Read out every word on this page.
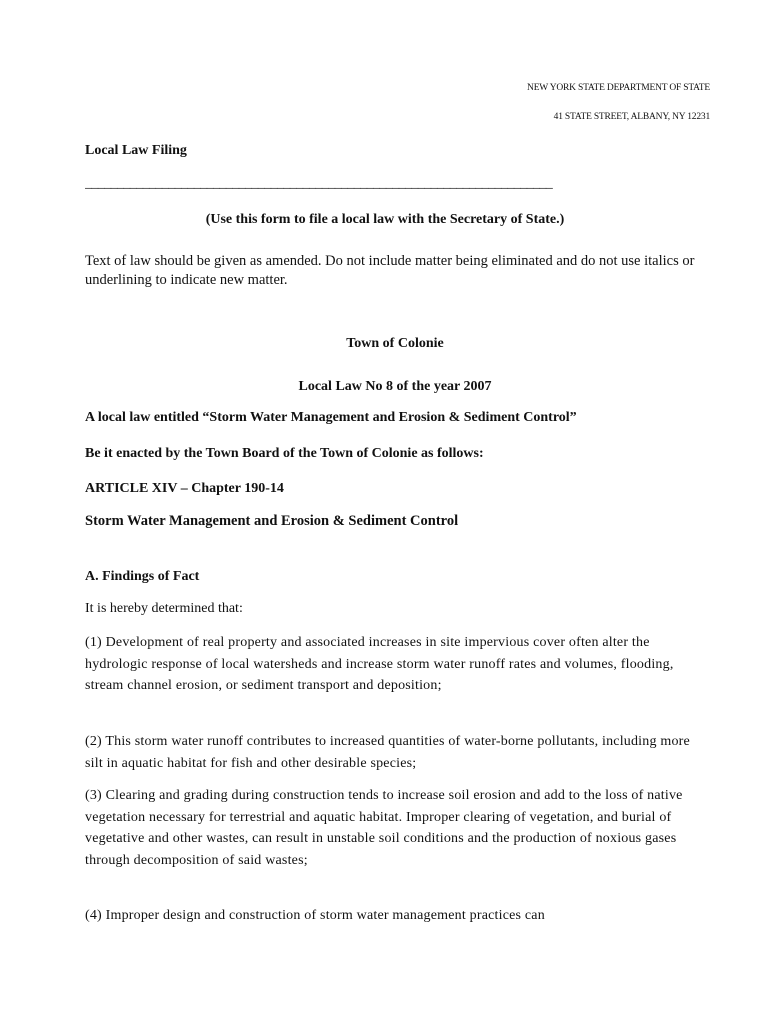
NEW YORK STATE DEPARTMENT OF STATE
41 STATE STREET, ALBANY, NY 12231
Local Law Filing
_________________________________________________________________________
(Use this form to file a local law with the Secretary of State.)
Text of law should be given as amended. Do not include matter being eliminated and do not use italics or underlining to indicate new matter.
Town of Colonie
Local Law No 8 of the year 2007
A local law entitled “Storm Water Management and Erosion & Sediment Control”
Be it enacted by the Town Board of the Town of Colonie as follows:
ARTICLE XIV – Chapter 190-14
Storm Water Management and Erosion & Sediment Control
A. Findings of Fact
It is hereby determined that:
(1) Development of real property and associated increases in site impervious cover often alter the hydrologic response of local watersheds and increase storm water runoff rates and volumes, flooding, stream channel erosion, or sediment transport and deposition;
(2) This storm water runoff contributes to increased quantities of water-borne pollutants, including more silt in aquatic habitat for fish and other desirable species;
(3) Clearing and grading during construction tends to increase soil erosion and add to the loss of native vegetation necessary for terrestrial and aquatic habitat. Improper clearing of vegetation, and burial of vegetative and other wastes, can result in unstable soil conditions and the production of noxious gases through decomposition of said wastes;
(4) Improper design and construction of storm water management practices can
